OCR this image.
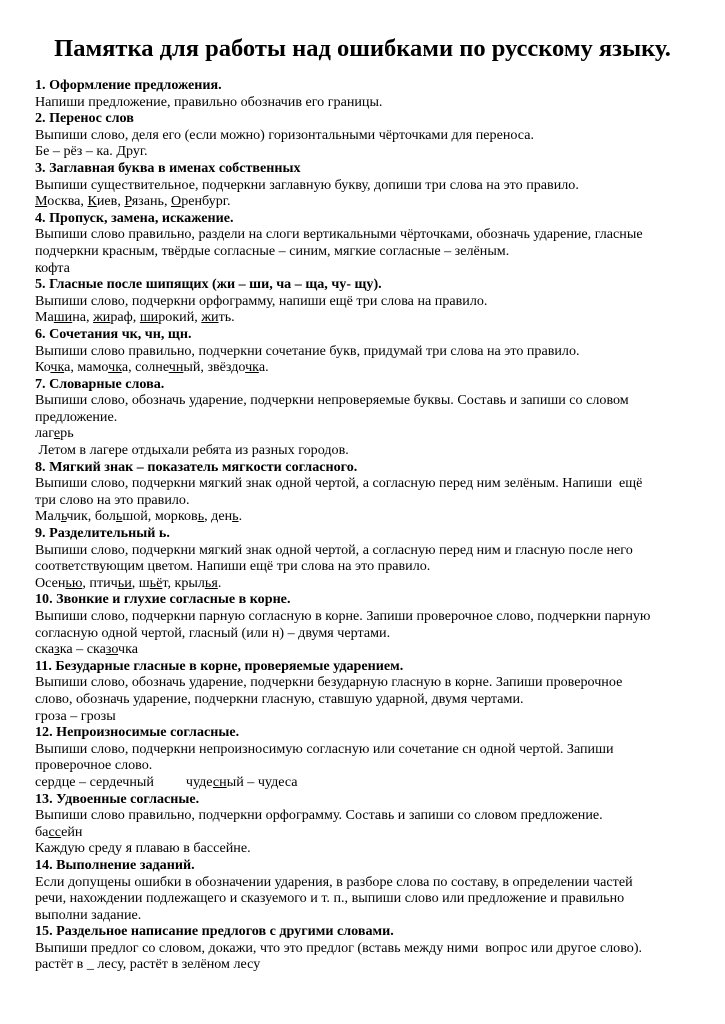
Памятка для работы над ошибками по русскому языку.
1. Оформление предложения.
Напиши предложение, правильно обозначив его границы.
2. Перенос слов
Выпиши слово, деля его (если можно) горизонтальными чёрточками для переноса.
Бе – рёз – ка. Друг.
3. Заглавная буква в именах собственных
Выпиши существительное, подчеркни заглавную букву, допиши три слова на это правило.
Москва, Киев, Рязань, Оренбург.
4. Пропуск, замена, искажение.
Выпиши слово правильно, раздели на слоги вертикальными чёрточками, обозначь ударение, гласные
подчеркни красным, твёрдые согласные – синим, мягкие согласные – зелёным.
кофта
5. Гласные после шипящих (жи – ши, ча – ща, чу- щу).
Выпиши слово, подчеркни орфограмму, напиши ещё три слова на правило.
Машина, жираф, широкий, жить.
6. Сочетания чк, чн, щн.
Выпиши слово правильно, подчеркни сочетание букв, придумай три слова на это правило.
Кочка, мамочка, солнечный, звёздочка.
7. Словарные слова.
Выпиши слово, обозначь ударение, подчеркни непроверяемые буквы. Составь и запиши со словом
предложение.
лагерь
Летом в лагере отдыхали ребята из разных городов.
8. Мягкий знак – показатель мягкости согласного.
Выпиши слово, подчеркни мягкий знак одной чертой, а согласную перед ним зелёным. Напиши  ещё
три слово на это правило.
Мальчик, большой, морковь, день.
9. Разделительный ь.
Выпиши слово, подчеркни мягкий знак одной чертой, а согласную перед ним и гласную после него
соответствующим цветом. Напиши ещё три слова на это правило.
Осенью, птичьи, шьёт, крылья.
10. Звонкие и глухие согласные в корне.
Выпиши слово, подчеркни парную согласную в корне. Запиши проверочное слово, подчеркни парную
согласную одной чертой, гласный (или н) – двумя чертами.
сказка – сказочка
11. Безударные гласные в корне, проверяемые ударением.
Выпиши слово, обозначь ударение, подчеркни безударную гласную в корне. Запиши проверочное
слово, обозначь ударение, подчеркни гласную, ставшую ударной, двумя чертами.
гроза – грозы
12. Непроизносимые согласные.
Выпиши слово, подчеркни непроизносимую согласную или сочетание сн одной чертой. Запиши
проверочное слово.
сердце – сердечный чудесный – чудеса
13. Удвоенные согласные.
Выпиши слово правильно, подчеркни орфограмму. Составь и запиши со словом предложение.
бассейн
Каждую среду я плаваю в бассейне.
14. Выполнение заданий.
Если допущены ошибки в обозначении ударения, в разборе слова по составу, в определении частей
речи, нахождении подлежащего и сказуемого и т. п., выпиши слово или предложение и правильно
выполни задание.
15. Раздельное написание предлогов с другими словами.
Выпиши предлог со словом, докажи, что это предлог (вставь между ними  вопрос или другое слово).
растёт в _ лесу, растёт в зелёном лесу
